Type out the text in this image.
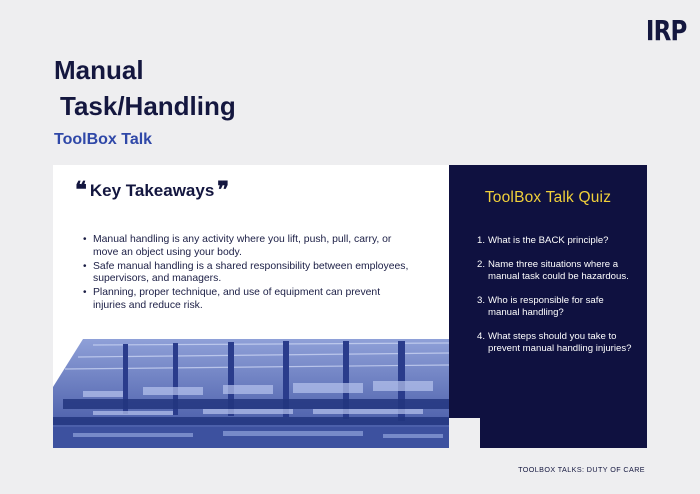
IRP
Manual
Task/Handling
ToolBox Talk
❝ Key Takeaways ❞
• Manual handling is any activity where you lift, push, pull, carry, or move an object using your body.
• Safe manual handling is a shared responsibility between employees, supervisors, and managers.
• Planning, proper technique, and use of equipment can prevent injuries and reduce risk.
ToolBox Talk Quiz
1. What is the BACK principle?
2. Name three situations where a manual task could be hazardous.
3. Who is responsible for safe manual handling?
4. What steps should you take to prevent manual handling injuries?
TOOLBOX TALKS: DUTY OF CARE
